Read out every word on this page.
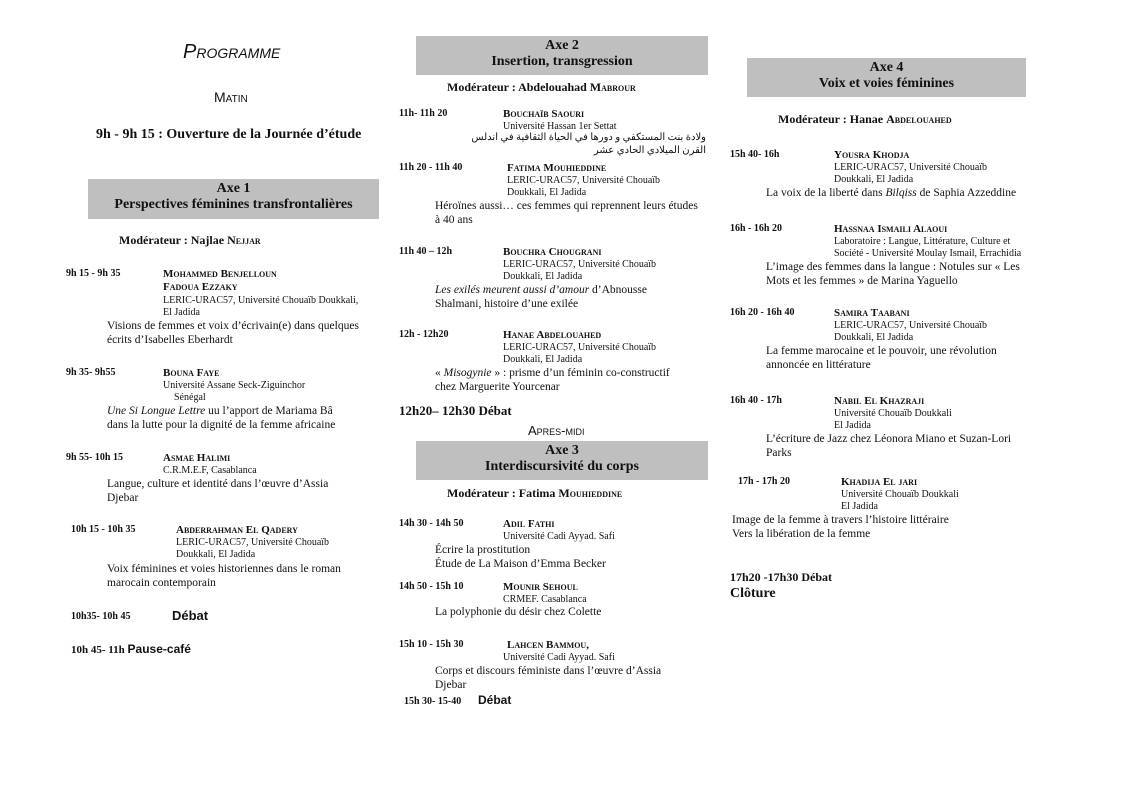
Programme
Matin
9h - 9h 15 : Ouverture de la Journée d’étude
Axe 1
Perspectives féminines transfrontalières
Modérateur : Najlae Nejjar
9h 15 - 9h 35	Mohammed Benjelloun
Fadoua Ezzaky
LERIC-URAC57, Université Chouaïb Doukkali,
El Jadida
Visions de femmes et voix d’écrivain(e) dans quelques
écrits d’Isabelles Eberhardt
9h 35- 9h55	Bouna Faye
Université Assane Seck-Ziguinchor
Sénégal
Une Si Longue Lettre uu l’apport de Mariama Bâ
dans la lutte pour la dignité de la femme africaine
9h 55- 10h 15	Asmae Halimi
C.R.M.E.F, Casablanca
Langue, culture et identité dans l’œuvre d’Assia
Djebar
10h 15 - 10h 35	Abderrahman El Qadery
LERIC-URAC57, Université Chouaïb
Doukkali, El Jadida
Voix féminines et voies historiennes dans le roman
marocain contemporain
10h35- 10h 45	Débat
10h 45- 11h Pause-café
Axe 2
Insertion, transgression
Modérateur : Abdelouahad Mabrour
11h- 11h 20	Bouchaïb Saouri
Université Hassan 1er Settat
ولادة بنت المستكفي و دورها في الحياة الثقافية في اندلس
القرن الميلادي الحادي عشر
11h 20 - 11h 40	Fatima Mouhieddine
LERIC-URAC57, Université Chouaïb
Doukkali, El Jadida
Héroïnes aussi… ces femmes qui reprennent leurs études
à 40 ans
11h 40 – 12h	Bouchra Chougrani
LERIC-URAC57, Université Chouaïb
Doukkali, El Jadida
Les exilés meurent aussi d’amour d’Abnousse
Shalmani, histoire d’une exilée
12h - 12h20	Hanae Abdelouahed
LERIC-URAC57, Université Chouaïb
Doukkali, El Jadida
« Misogynie » : prisme d’un féminin co-constructif
chez Marguerite Yourcenar
12h20– 12h30 Débat
Apres-midi
Axe 3
Interdiscursivité du corps
Modérateur : Fatima Mouhieddine
14h 30 - 14h 50	Adil Fathi
Université Cadi Ayyad. Safi
Écrire la prostitution
Étude de La Maison d’Emma Becker
14h 50 - 15h 10	Mounir Sehoul
CRMEF. Casablanca
La polyphonie du désir chez Colette
15h 10 - 15h 30	Lahcen Bammou,
Université Cadi Ayyad. Safi
Corps et discours féministe dans l’œuvre d’Assia
Djebar
15h 30- 15-40 Débat
Axe 4
Voix et voies féminines
Modérateur : Hanae Abdelouahed
15h 40- 16h	Yousra Khodja
LERIC-URAC57, Université Chouaïb
Doukkali, El Jadida
La voix de la liberté dans Bilqiss de Saphia Azzeddine
16h - 16h 20	Hassnaa Ismaili Alaoui
Laboratoire : Langue, Littérature, Culture et
Société - Université Moulay Ismail, Errachidia
L’image des femmes dans la langue : Notules sur « Les
Mots et les femmes » de Marina Yaguello
16h 20 - 16h 40	Samira Taabani
LERIC-URAC57, Université Chouaïb
Doukkali, El Jadida
La femme marocaine et le pouvoir, une révolution
annoncée en littérature
16h 40 - 17h	Nabil El Khazraji
Université Chouaïb Doukkali
El Jadida
L’écriture de Jazz chez Léonora Miano et Suzan-Lori
Parks
17h - 17h 20	Khadija El jari
Université Chouaïb Doukkali
El Jadida
Image de la femme à travers l’histoire littéraire
Vers la libération de la femme
17h20 -17h30 Débat
Clôture
